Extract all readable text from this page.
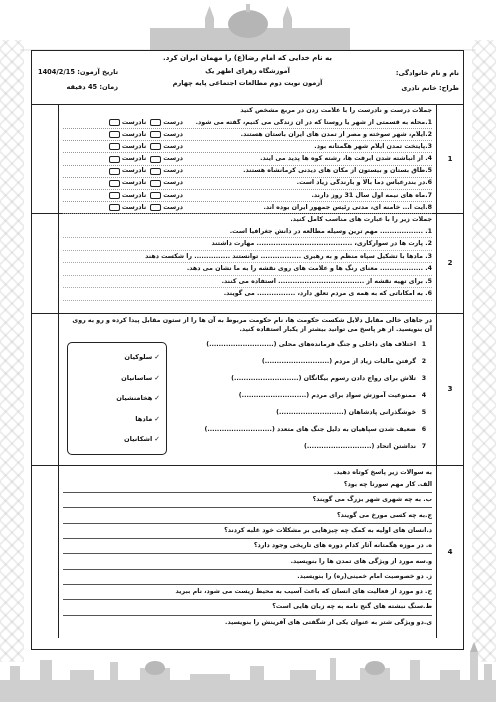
به نام خدایی که امام رضا(ع) را مهمان ایران کرد.
نام و نام خانوادگی:
طراح: خانم نادری
آموزشگاه زهرای اطهر یک
آزمون نوبت دوم مطالعات اجتماعی پایه چهارم
تاریخ آزمون: 1404/2/15
زمان: 45 دقیقه
1
جملات درست و نادرست را با علامت زدن در مربع مشخص کنید
1.محله به قسمتی از شهر یا روستا که در آن زندگی می کنیم، گفته می شود.
درست
نادرست
2.ایلام، شهر سوخته و مصر از تمدن های ایران باستان هستند.
درست
نادرست
3.پایتخت تمدن ایلام شهر هگمتانه بود.
درست
نادرست
4. از انباشته شدن آبرفت ها، رشته کوه ها پدید می آیند.
درست
نادرست
5.طاق بستان و بیستون از مکان های دیدنی کرمانشاه هستند.
درست
نادرست
6.در بندرعباس دما بالا و بارندگی زیاد است.
درست
نادرست
7.ماه های نیمه اول سال 31 روز دارند.
درست
نادرست
8.آیت ا... خامنه ای، مدتی رئیس جمهور ایران بوده اند.
درست
نادرست
2
جملات زیر را با عبارت های مناسب کامل کنید.
1. .................. مهم ترین وسیله مطالعه در دانش جغرافیا است.
2. پارت ها در سوارکاری، ........................................ مهارت داشتند
3. مادها با تشکیل سپاه منظم و به رهبری ................. توانستند ............... را شکست دهند
4. .................. معنای رنگ ها و علامت های روی نقشه را به ما نشان می دهد.
5. برای تهیه نقشه از .................................... استفاده می کنند.
6. به امکاناتی که به همه ی مردم تعلق دارد، ................ می گویند.
3
در جاهای خالی مقابل دلایل شکست حکومت ها، نام حکومت مربوط به آن ها را از ستون مقابل پیدا کرده و رو به روی آن بنویسید. از هر پاسخ می توانید بیشتر از یکبار استفاده کنید.
1
اختلاف های داخلی و جنگ فرمانده‌های محلی (...........................)
2
گرفتن مالیات زیاد از مردم (...........................)
3
تلاش برای رواج دادن رسوم بیگانگان (...........................)
4
ممنوعیت آموزش سواد برای مردم (...........................)
5
خوشگذرانی پادشاهان (...........................)
6
ضعیف شدن سپاهیان به دلیل جنگ های متعدد (...........................)
7
نداشتن اتحاد (...........................)
✓
سلوکیان
✓
ساسانیان
✓
هخامنشیان
✓
مادها
✓
اشکانیان
4
به سوالات زیر پاسخ کوتاه دهید.
الف. کار مهم سورنا چه بود؟
ب. به چه شهری شهر بزرگ می گویند؟
ج.به چه کسی مورخ می گویند؟
د.انسان های اولیه به کمک چه چیزهایی بر مشکلات خود غلبه کردند؟
ه. در موزه هگمتانه آثار کدام دوره های تاریخی وجود دارد؟
و.سه مورد از ویژگی های تمدن ها را بنویسید.
ز. دو خصوصیت امام خمینی(ره) را بنویسید.
ح. دو مورد از فعالیت های انسان که باعث آسیب به محیط زیست می شود، نام ببرید
ط.سنگ نبشته های گنج نامه به چه زبان هایی است؟
ی.دو ویژگی شتر به عنوان یکی از شگفتی های آفرینش را بنویسید.
